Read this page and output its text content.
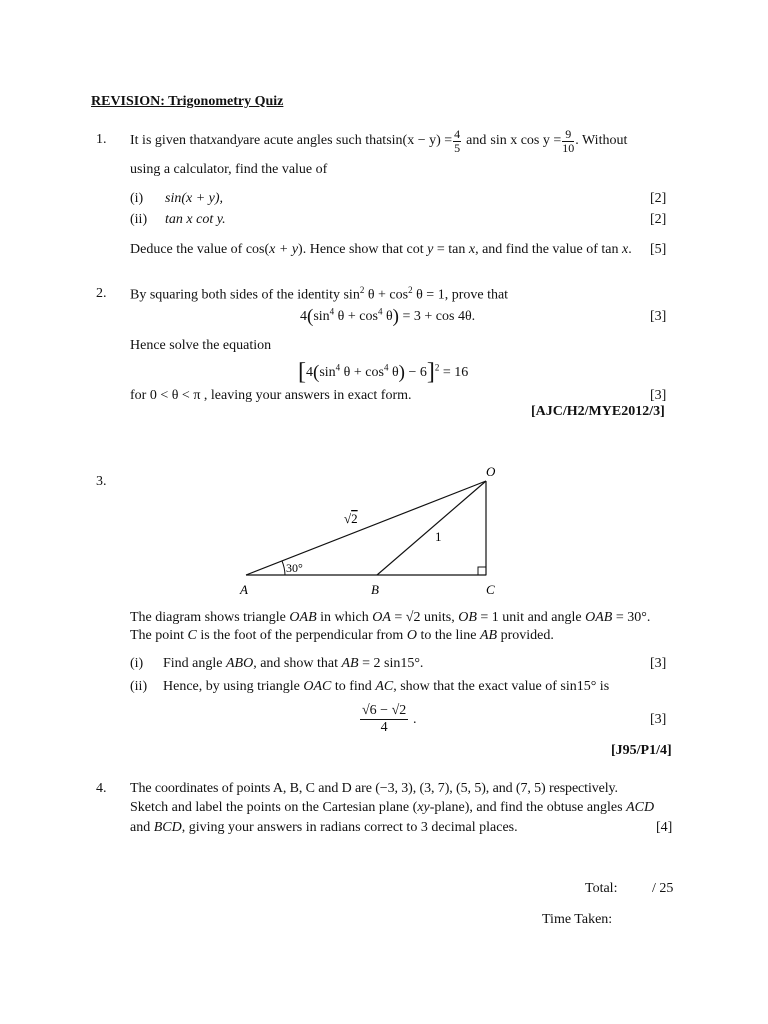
REVISION: Trigonometry Quiz
1. It is given that x and y are acute angles such that $\sin(x - y) = \frac{4}{5}$ and sin x $\cos y = \frac{9}{10}$ . Without
using a calculator, find the value of
(i) sin(x + y),	[2]
(ii) tan x cot y.	[2]
Deduce the value of cos(x + y). Hence show that cot y = tan x, and find the value of tan x. [5]
2. By squaring both sides of the identity $\sin^2 \theta + \cos^2 \theta = 1$, prove that
$4(\sin^4$ $\theta + \cos^4 \theta) = 3 + \cos 4\theta$.	[3]
Hence solve the equation
[$4(\sin^4$ $\theta + \cos^4 \theta) - 6]^2 = 16$
for 0 < θ < π , leaving your answers in exact form.	[3]
[AJC/H2/MYE2012/3]
3.
O
A	B	C
1
30°
√2
The diagram shows triangle OAB in which OA = √2 units, OB = 1 unit and angle OAB = 30°.
The point C is the foot of the perpendicular from O to the line AB provided.
(i) Find angle ABO, and show that AB = 2 sin15°.	[3]
(ii) Hence, by using triangle OAC to find AC, show that the exact value of sin15° is
√6 − √2
4
.	[3]
[J95/P1/4]
4. The coordinates of points A, B, C and D are (−3, 3), (3, 7), (5, 5), and (7, 5) respectively.
Sketch and label the points on the Cartesian plane (xy-plane), and find the obtuse angles ACD
and BCD, giving your answers in radians correct to 3 decimal places.	[4]
Total: / 25
Time Taken:
